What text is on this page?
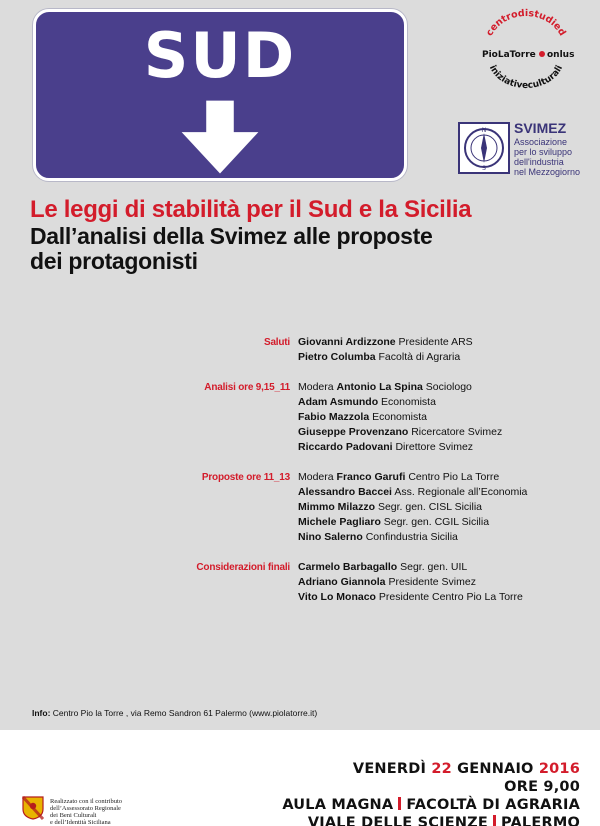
SUD	centrodistudied
PioLaTorre onlus
iniziativeculturali
N
S
SVIMEZ
Associazione
per lo sviluppo
dell'industria
nel Mezzogiorno
Le leggi di stabilità per il Sud e la Sicilia
Dall’analisi della Svimez alle proposte
dei protagonisti
Saluti Giovanni Ardizzone Presidente ARS
Pietro Columba Facoltà di Agraria
Analisi ore 9,15_11 Modera Antonio La Spina Sociologo
Adam Asmundo Economista
Fabio Mazzola Economista
Giuseppe Provenzano Ricercatore Svimez
Riccardo Padovani Direttore Svimez
Proposte ore 11_13 Modera Franco Garufi Centro Pio La Torre
Alessandro Baccei Ass. Regionale all’Economia
Mimmo Milazzo Segr. gen. CISL Sicilia
Michele Pagliaro Segr. gen. CGIL Sicilia
Nino Salerno Confindustria Sicilia
Considerazioni finali Carmelo Barbagallo Segr. gen. UIL
Adriano Giannola Presidente Svimez
Vito Lo Monaco Presidente Centro Pio La Torre
Info: Centro Pio la Torre , via Remo Sandron 61 Palermo (www.piolatorre.it)
VENERDÌ 22 GENNAIO 2016
ORE 9,00
AULA MAGNA FACOLTÀ DI AGRARIA
VIALE DELLE SCIENZE PALERMO
Realizzato con il contributo
dell’Assessorato Regionale
dei Beni Culturali
e dell’Identità Siciliana
